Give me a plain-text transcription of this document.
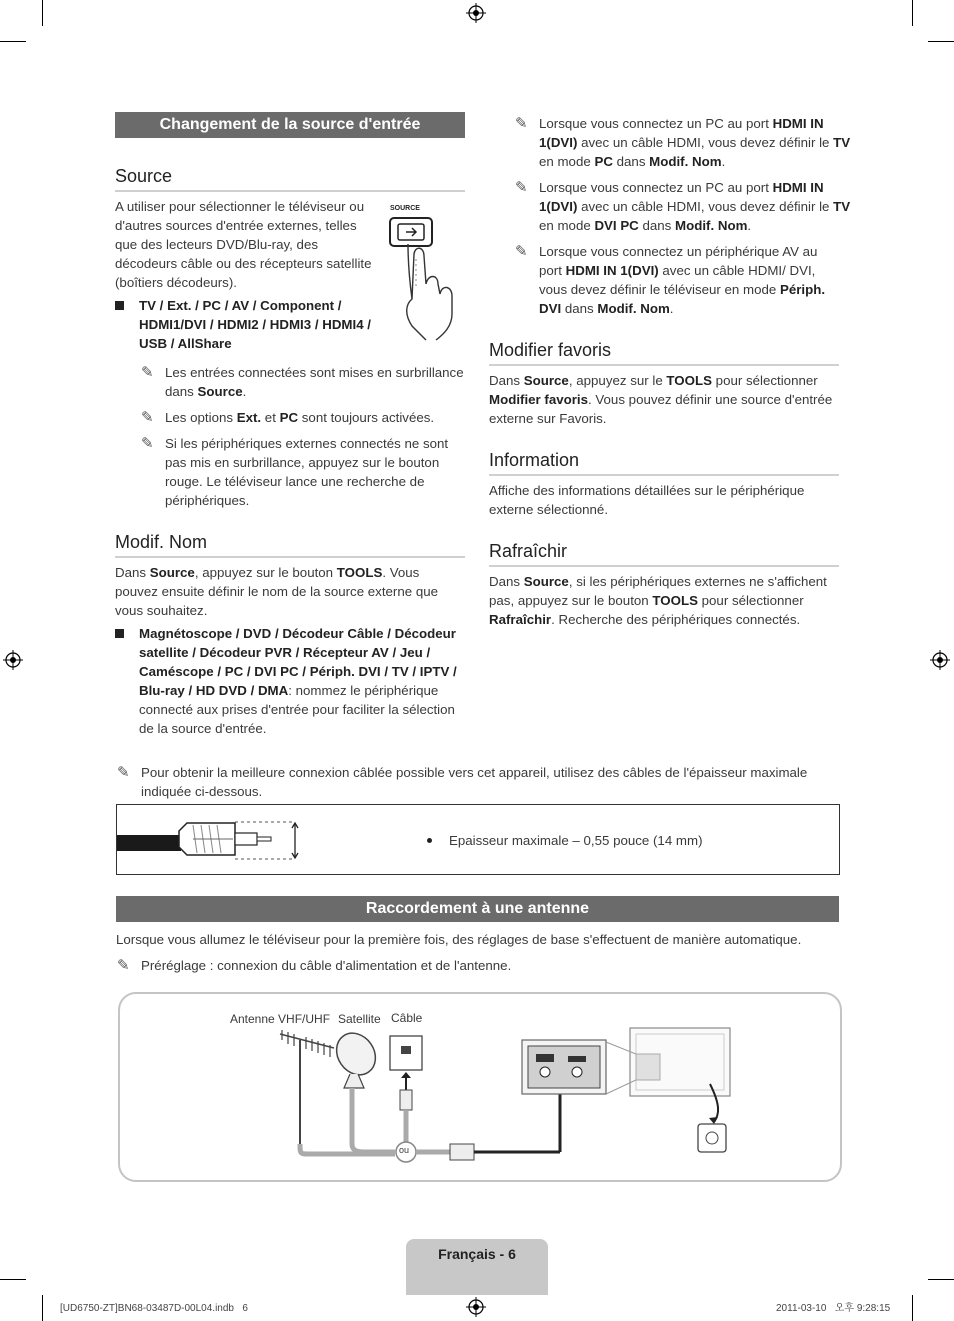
Changement de la source d'entrée
Source
A utiliser pour sélectionner le téléviseur ou d'autres sources d'entrée externes, telles que des lecteurs DVD/Blu-ray, des décodeurs câble ou des récepteurs satellite (boîtiers décodeurs).
SOURCE
TV / Ext. / PC / AV / Component / HDMI1/DVI / HDMI2 / HDMI3 / HDMI4 / USB / AllShare
✎ Les entrées connectées sont mises en surbrillance dans Source.
✎ Les options Ext. et PC sont toujours activées.
✎ Si les périphériques externes connectés ne sont pas mis en surbrillance, appuyez sur le bouton rouge. Le téléviseur lance une recherche de périphériques.
Modif. Nom
Dans Source, appuyez sur le bouton TOOLS. Vous pouvez ensuite définir le nom de la source externe que vous souhaitez.
Magnétoscope / DVD / Décodeur Câble / Décodeur satellite / Décodeur PVR / Récepteur AV / Jeu / Caméscope / PC / DVI PC / Périph. DVI / TV / IPTV / Blu-ray / HD DVD / DMA: nommez le périphérique connecté aux prises d'entrée pour faciliter la sélection de la source d'entrée.
✎ Lorsque vous connectez un PC au port HDMI IN 1(DVI) avec un câble HDMI, vous devez définir le TV en mode PC dans Modif. Nom.
✎ Lorsque vous connectez un PC au port HDMI IN 1(DVI) avec un câble HDMI, vous devez définir le TV en mode DVI PC dans Modif. Nom.
✎ Lorsque vous connectez un périphérique AV au port HDMI IN 1(DVI) avec un câble HDMI/ DVI, vous devez définir le téléviseur en mode Périph. DVI dans Modif. Nom.
Modifier favoris
Dans Source, appuyez sur le TOOLS pour sélectionner Modifier favoris. Vous pouvez définir une source d'entrée externe sur Favoris.
Information
Affiche des informations détaillées sur le périphérique externe sélectionné.
Rafraîchir
Dans Source, si les périphériques externes ne s'affichent pas, appuyez sur le bouton TOOLS pour sélectionner Rafraîchir. Recherche des périphériques connectés.
✎ Pour obtenir la meilleure connexion câblée possible vers cet appareil, utilisez des câbles de l'épaisseur maximale indiquée ci-dessous.
Epaisseur maximale – 0,55 pouce (14 mm)
Raccordement à une antenne
Lorsque vous allumez le téléviseur pour la première fois, des réglages de base s'effectuent de manière automatique.
✎ Préréglage : connexion du câble d'alimentation et de l'antenne.
Antenne VHF/UHF Satellite Câble
ou
Français - 6
[UD6750-ZT]BN68-03487D-00L04.indb   6	2011-03-10   오후 9:28:15
